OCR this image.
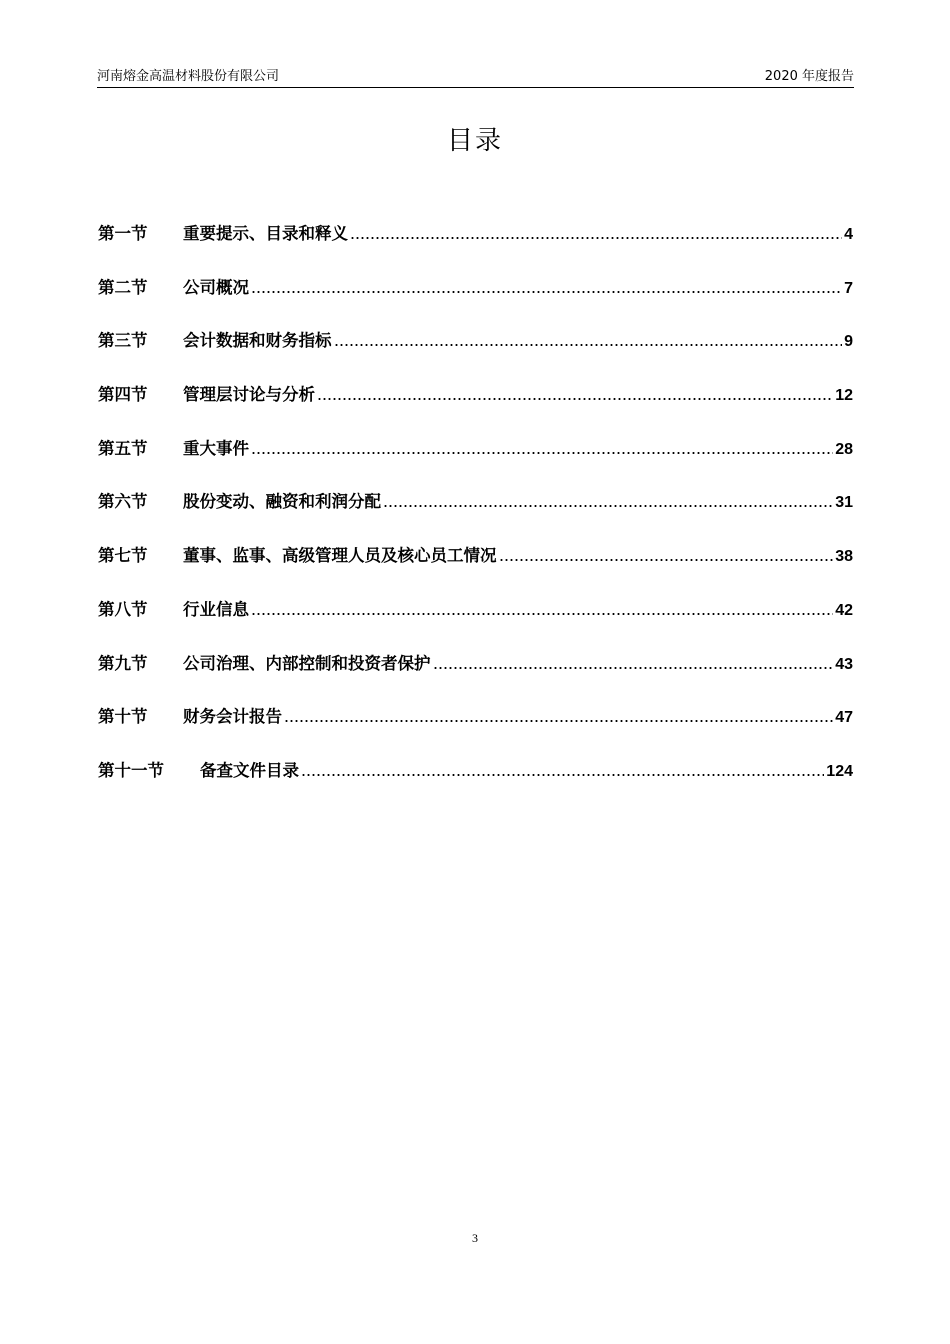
河南熔金高温材料股份有限公司	2020 年度报告
目录
第一节	重要提示、目录和释义	4
第二节	公司概况	7
第三节	会计数据和财务指标	9
第四节	管理层讨论与分析	12
第五节	重大事件	28
第六节	股份变动、融资和利润分配	31
第七节	董事、监事、高级管理人员及核心员工情况	38
第八节	行业信息	42
第九节	公司治理、内部控制和投资者保护	43
第十节	财务会计报告	47
第十一节	备查文件目录	124
3
